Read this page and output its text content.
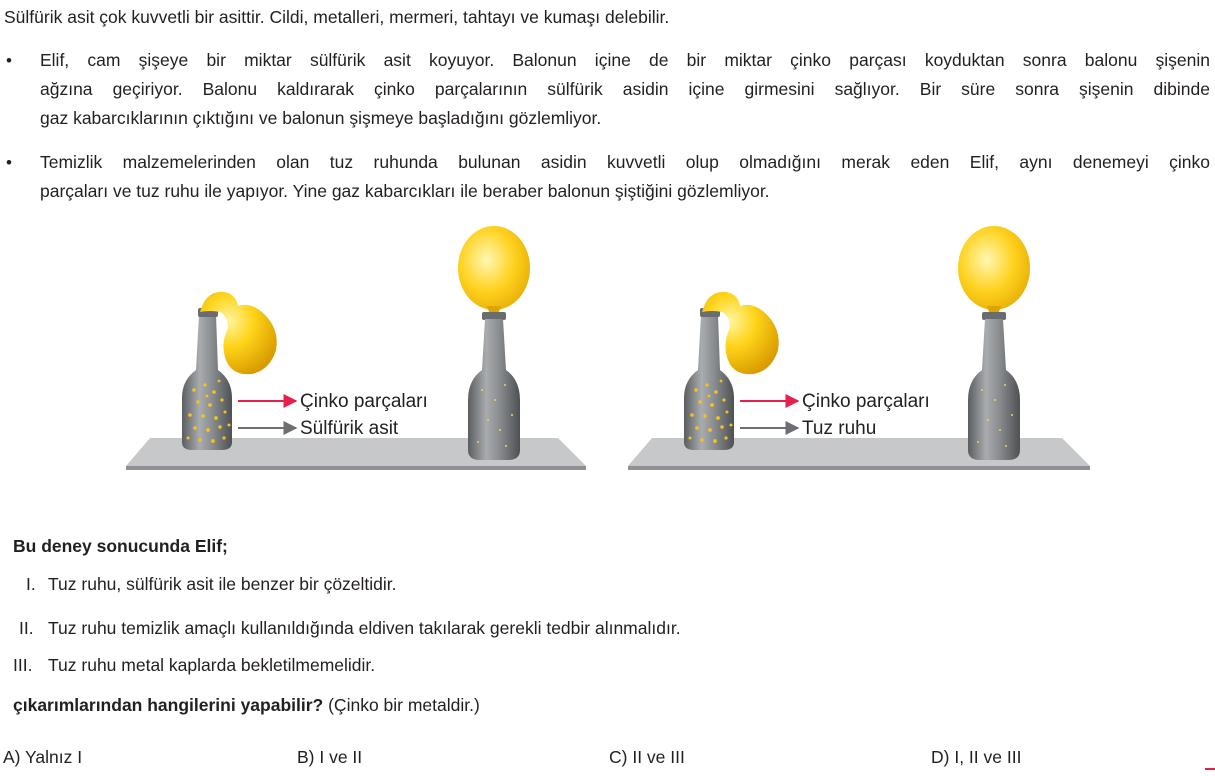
Sülfürik asit çok kuvvetli bir asittir. Cildi, metalleri, mermeri, tahtayı ve kumaşı delebilir.
• Elif, cam şişeye bir miktar sülfürik asit koyuyor. Balonun içine de bir miktar çinko parçası koyduktan sonra balonu şişenin
ağzına geçiriyor. Balonu kaldırarak çinko parçalarının sülfürik asidin içine girmesini sağlıyor. Bir süre sonra şişenin dibinde
gaz kabarcıklarının çıktığını ve balonun şişmeye başladığını gözlemliyor.
• Temizlik malzemelerinden olan tuz ruhunda bulunan asidin kuvvetli olup olmadığını merak eden Elif, aynı denemeyi çinko
parçaları ve tuz ruhu ile yapıyor. Yine gaz kabarcıkları ile beraber balonun şiştiğini gözlemliyor.
Çinko parçaları
Sülfürik asit
Çinko parçaları
Tuz ruhu
Bu deney sonucunda Elif;
I. Tuz ruhu, sülfürik asit ile benzer bir çözeltidir.
II. Tuz ruhu temizlik amaçlı kullanıldığında eldiven takılarak gerekli tedbir alınmalıdır.
III. Tuz ruhu metal kaplarda bekletilmemelidir.
çıkarımlarından hangilerini yapabilir? (Çinko bir metaldir.)
A) Yalnız I	B) I ve II	C) II ve III	D) I, II ve III
